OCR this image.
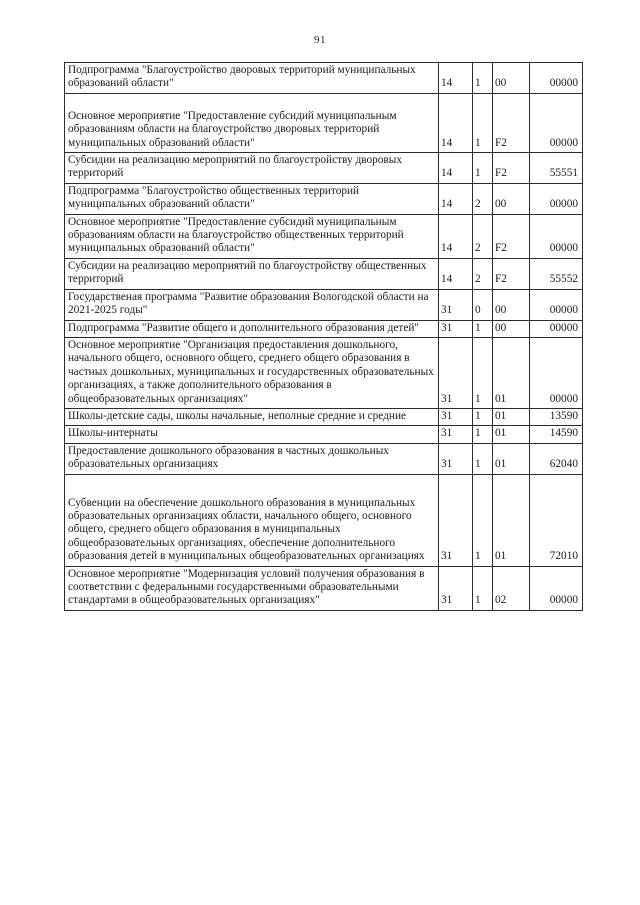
91
Подпрограмма "Благоустройство дворовых территорий муниципальных образований области"	14	1	00	00000
Основное мероприятие "Предоставление субсидий муниципальным образованиям области на благоустройство дворовых территорий муниципальных образований области"	14	1	F2	00000
Субсидии на реализацию мероприятий по благоустройству дворовых территорий	14	1	F2	55551
Подпрограмма "Благоустройство общественных территорий муниципальных образований области"	14	2	00	00000
Основное мероприятие "Предоставление субсидий муниципальным образованиям области на благоустройство общественных территорий муниципальных образований области"	14	2	F2	00000
Субсидии на реализацию мероприятий по благоустройству общественных территорий	14	2	F2	55552
Государственая программа "Развитие образования Вологодской области на 2021-2025 годы"	31	0	00	00000
Подпрограмма "Развитие общего и дополнительного образования детей"	31	1	00	00000
Основное мероприятие "Организация предоставления дошкольного, начального общего, основного общего, среднего общего образования в частных дошкольных, муниципальных и государственных образовательных организациях, а также дополнительного образования в общеобразовательных организациях"	31	1	01	00000
Школы-детские сады, школы начальные, неполные средние и средние	31	1	01	13590
Школы-интернаты	31	1	01	14590
Предоставление дошкольного образования в частных дошкольных образовательных организациях	31	1	01	62040
Субвенции на обеспечение дошкольного образования в муниципальных образовательных организациях области, начального общего, основного общего, среднего общего образования в муниципальных общеобразовательных организациях, обеспечение дополнительного образования детей в муниципальных общеобразовательных организациях	31	1	01	72010
Основное мероприятие "Модернизация условий получения образования в соответствии с федеральными государственными образовательными стандартами в общеобразовательных организациях"	31	1	02	00000
